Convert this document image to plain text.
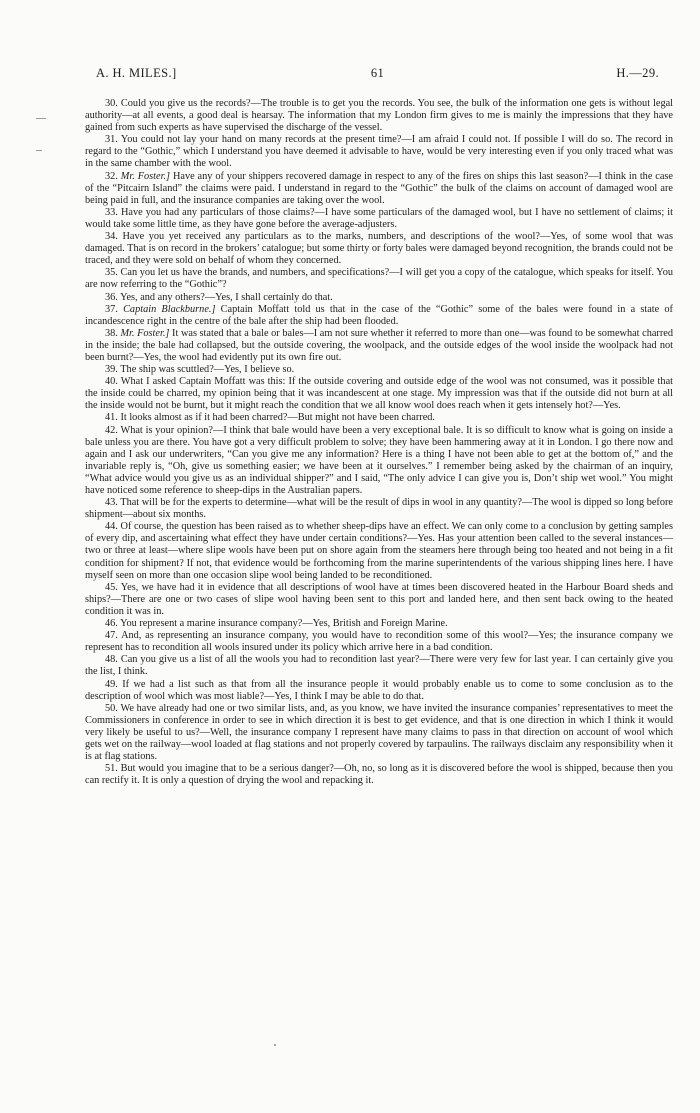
A. H. MILES.]	61	H.—29.

30. Could you give us the records?—The trouble is to get you the records. You see, the bulk of the information one gets is without legal authority—at all events, a good deal is hearsay. The information that my London firm gives to me is mainly the impressions that they have gained from such experts as have supervised the discharge of the vessel.

31. You could not lay your hand on many records at the present time?—I am afraid I could not. If possible I will do so. The record in regard to the “Gothic,” which I understand you have deemed it advisable to have, would be very interesting even if you only traced what was in the same chamber with the wool.

32. Mr. Foster.] Have any of your shippers recovered damage in respect to any of the fires on ships this last season?—I think in the case of the “Pitcairn Island” the claims were paid. I understand in regard to the “Gothic” the bulk of the claims on account of damaged wool are being paid in full, and the insurance companies are taking over the wool.

33. Have you had any particulars of those claims?—I have some particulars of the damaged wool, but I have no settlement of claims; it would take some little time, as they have gone before the average-adjusters.

34. Have you yet received any particulars as to the marks, numbers, and descriptions of the wool?—Yes, of some wool that was damaged. That is on record in the brokers’ catalogue; but some thirty or forty bales were damaged beyond recognition, the brands could not be traced, and they were sold on behalf of whom they concerned.

35. Can you let us have the brands, and numbers, and specifications?—I will get you a copy of the catalogue, which speaks for itself. You are now referring to the “Gothic”?

36. Yes, and any others?—Yes, I shall certainly do that.

37. Captain Blackburne.] Captain Moffatt told us that in the case of the “Gothic” some of the bales were found in a state of incandescence right in the centre of the bale after the ship had been flooded.

38. Mr. Foster.] It was stated that a bale or bales—I am not sure whether it referred to more than one—was found to be somewhat charred in the inside; the bale had collapsed, but the outside covering, the woolpack, and the outside edges of the wool inside the woolpack had not been burnt?—Yes, the wool had evidently put its own fire out.

39. The ship was scuttled?—Yes, I believe so.

40. What I asked Captain Moffatt was this: If the outside covering and outside edge of the wool was not consumed, was it possible that the inside could be charred, my opinion being that it was incandescent at one stage. My impression was that if the outside did not burn at all the inside would not be burnt, but it might reach the condition that we all know wool does reach when it gets intensely hot?—Yes.

41. It looks almost as if it had been charred?—But might not have been charred.

42. What is your opinion?—I think that bale would have been a very exceptional bale. It is so difficult to know what is going on inside a bale unless you are there. You have got a very difficult problem to solve; they have been hammering away at it in London. I go there now and again and I ask our underwriters, “Can you give me any information? Here is a thing I have not been able to get at the bottom of,” and the invariable reply is, “Oh, give us something easier; we have been at it ourselves.” I remember being asked by the chairman of an inquiry, “What advice would you give us as an individual shipper?” and I said, “The only advice I can give you is, Don’t ship wet wool.” You might have noticed some reference to sheep-dips in the Australian papers.

43. That will be for the experts to determine—what will be the result of dips in wool in any quantity?—The wool is dipped so long before shipment—about six months.

44. Of course, the question has been raised as to whether sheep-dips have an effect. We can only come to a conclusion by getting samples of every dip, and ascertaining what effect they have under certain conditions?—Yes. Has your attention been called to the several instances—two or three at least—where slipe wools have been put on shore again from the steamers here through being too heated and not being in a fit condition for shipment? If not, that evidence would be forthcoming from the marine superintendents of the various shipping lines here. I have myself seen on more than one occasion slipe wool being landed to be reconditioned.

45. Yes, we have had it in evidence that all descriptions of wool have at times been discovered heated in the Harbour Board sheds and ships?—There are one or two cases of slipe wool having been sent to this port and landed here, and then sent back owing to the heated condition it was in.

46. You represent a marine insurance company?—Yes, British and Foreign Marine.

47. And, as representing an insurance company, you would have to recondition some of this wool?—Yes; the insurance company we represent has to recondition all wools insured under its policy which arrive here in a bad condition.

48. Can you give us a list of all the wools you had to recondition last year?—There were very few for last year. I can certainly give you the list, I think.

49. If we had a list such as that from all the insurance people it would probably enable us to come to some conclusion as to the description of wool which was most liable?—Yes, I think I may be able to do that.

50. We have already had one or two similar lists, and, as you know, we have invited the insurance companies’ representatives to meet the Commissioners in conference in order to see in which direction it is best to get evidence, and that is one direction in which I think it would very likely be useful to us?—Well, the insurance company I represent have many claims to pass in that direction on account of wool which gets wet on the railway—wool loaded at flag stations and not properly covered by tarpaulins. The railways disclaim any responsibility when it is at flag stations.

51. But would you imagine that to be a serious danger?—Oh, no, so long as it is discovered before the wool is shipped, because then you can rectify it. It is only a question of drying the wool and repacking it.
